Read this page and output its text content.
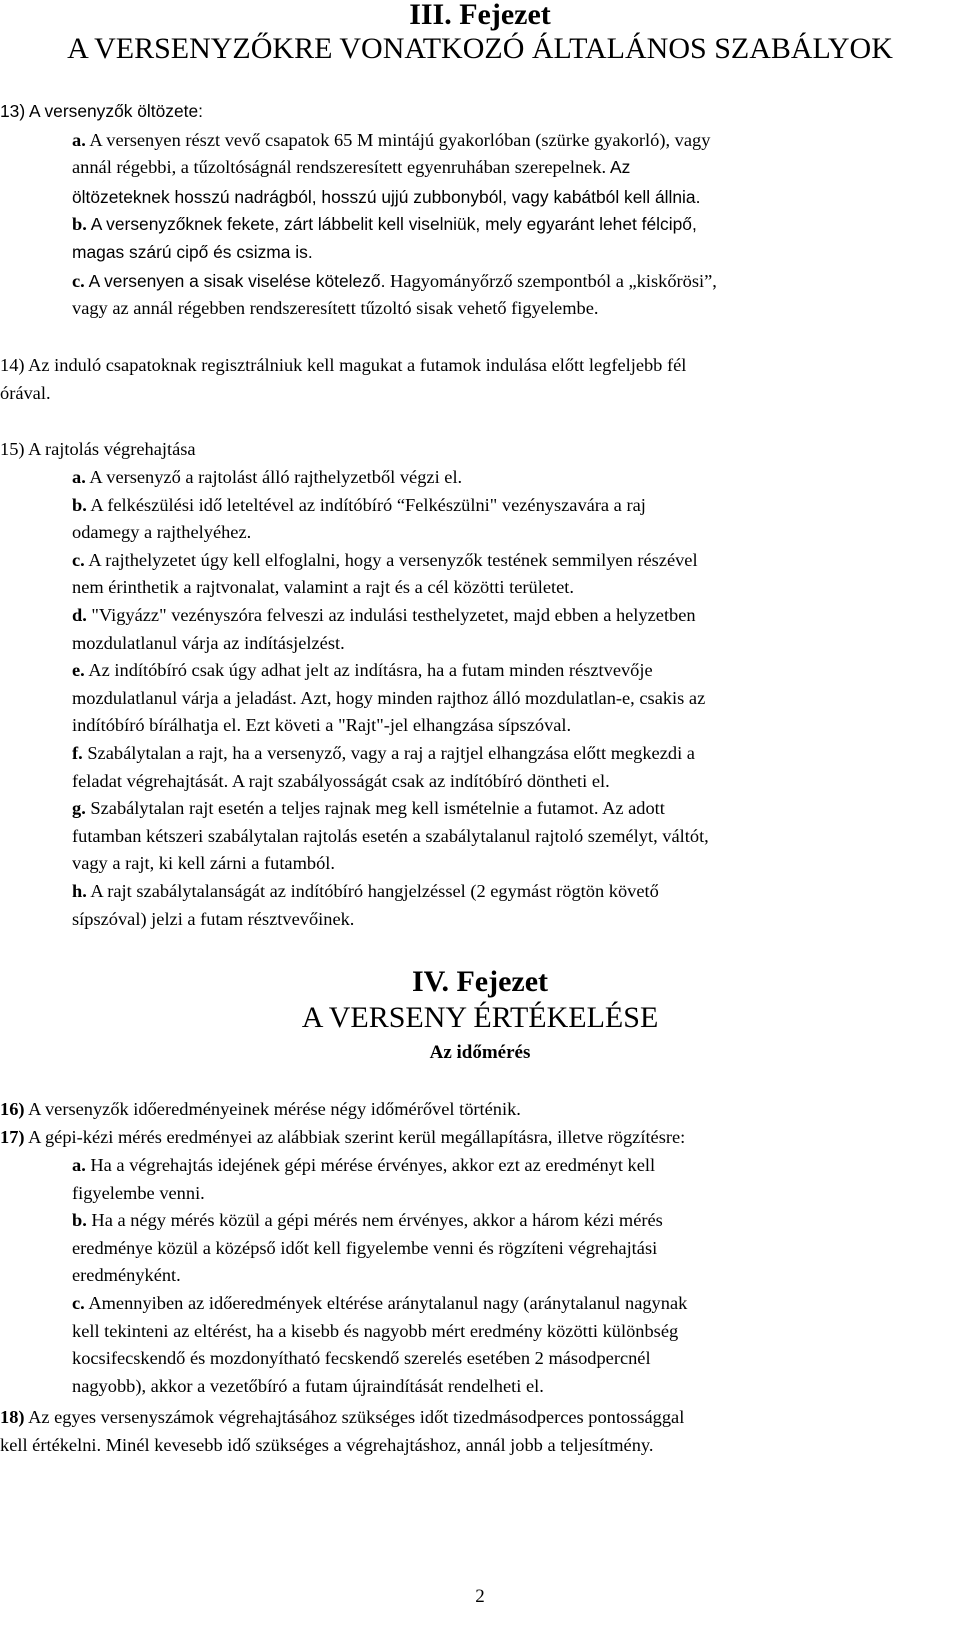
III. Fejezet
A VERSENYZŐKRE VONATKOZÓ ÁLTALÁNOS SZABÁLYOK
13) A versenyzők öltözete:
a. A versenyen részt vevő csapatok 65 M mintájú gyakorlóban (szürke gyakorló), vagy
annál régebbi, a tűzoltóságnál rendszeresített egyenruhában szerepelnek. Az
öltözeteknek hosszú nadrágból, hosszú ujjú zubbonyból, vagy kabátból kell állnia.
b. A versenyzőknek fekete, zárt lábbelit kell viselniük, mely egyaránt lehet félcipő,
magas szárú cipő és csizma is.
c. A versenyen a sisak viselése kötelező. Hagyományőrző szempontból a „kiskőrösi”,
vagy az annál régebben rendszeresített tűzoltó sisak vehető figyelembe.
14) Az induló csapatoknak regisztrálniuk kell magukat a futamok indulása előtt legfeljebb fél
órával.
15) A rajtolás végrehajtása
a. A versenyző a rajtolást álló rajthelyzetből végzi el.
b. A felkészülési idő leteltével az indítóbíró “Felkészülni" vezényszavára a raj
odamegy a rajthelyéhez.
c. A rajthelyzetet úgy kell elfoglalni, hogy a versenyzők testének semmilyen részével
nem érinthetik a rajtvonalat, valamint a rajt és a cél közötti területet.
d. "Vigyázz" vezényszóra felveszi az indulási testhelyzetet, majd ebben a helyzetben
mozdulatlanul várja az indításjelzést.
e. Az indítóbíró csak úgy adhat jelt az indításra, ha a futam minden résztvevője
mozdulatlanul várja a jeladást. Azt, hogy minden rajthoz álló mozdulatlan-e, csakis az
indítóbíró bírálhatja el. Ezt követi a "Rajt"-jel elhangzása sípszóval.
f. Szabálytalan a rajt, ha a versenyző, vagy a raj a rajtjel elhangzása előtt megkezdi a
feladat végrehajtását. A rajt szabályosságát csak az indítóbíró döntheti el.
g. Szabálytalan rajt esetén a teljes rajnak meg kell ismételnie a futamot. Az adott
futamban kétszeri szabálytalan rajtolás esetén a szabálytalanul rajtoló személyt, váltót,
vagy a rajt, ki kell zárni a futamból.
h. A rajt szabálytalanságát az indítóbíró hangjelzéssel (2 egymást rögtön követő
sípszóval) jelzi a futam résztvevőinek.
IV. Fejezet
A VERSENY ÉRTÉKELÉSE
Az időmérés
16) A versenyzők időeredményeinek mérése négy időmérővel történik.
17) A gépi-kézi mérés eredményei az alábbiak szerint kerül megállapításra, illetve rögzítésre:
a. Ha a végrehajtás idejének gépi mérése érvényes, akkor ezt az eredményt kell
figyelembe venni.
b. Ha a négy mérés közül a gépi mérés nem érvényes, akkor a három kézi mérés
eredménye közül a középső időt kell figyelembe venni és rögzíteni végrehajtási
eredményként.
c. Amennyiben az időeredmények eltérése aránytalanul nagy (aránytalanul nagynak
kell tekinteni az eltérést, ha a kisebb és nagyobb mért eredmény közötti különbség
kocsifecskendő és mozdonyítható fecskendő szerelés esetében 2 másodpercnél
nagyobb), akkor a vezetőbíró a futam újraindítását rendelheti el.
18) Az egyes versenyszámok végrehajtásához szükséges időt tizedmásodperces pontossággal
kell értékelni. Minél kevesebb idő szükséges a végrehajtáshoz, annál jobb a teljesítmény.
2
